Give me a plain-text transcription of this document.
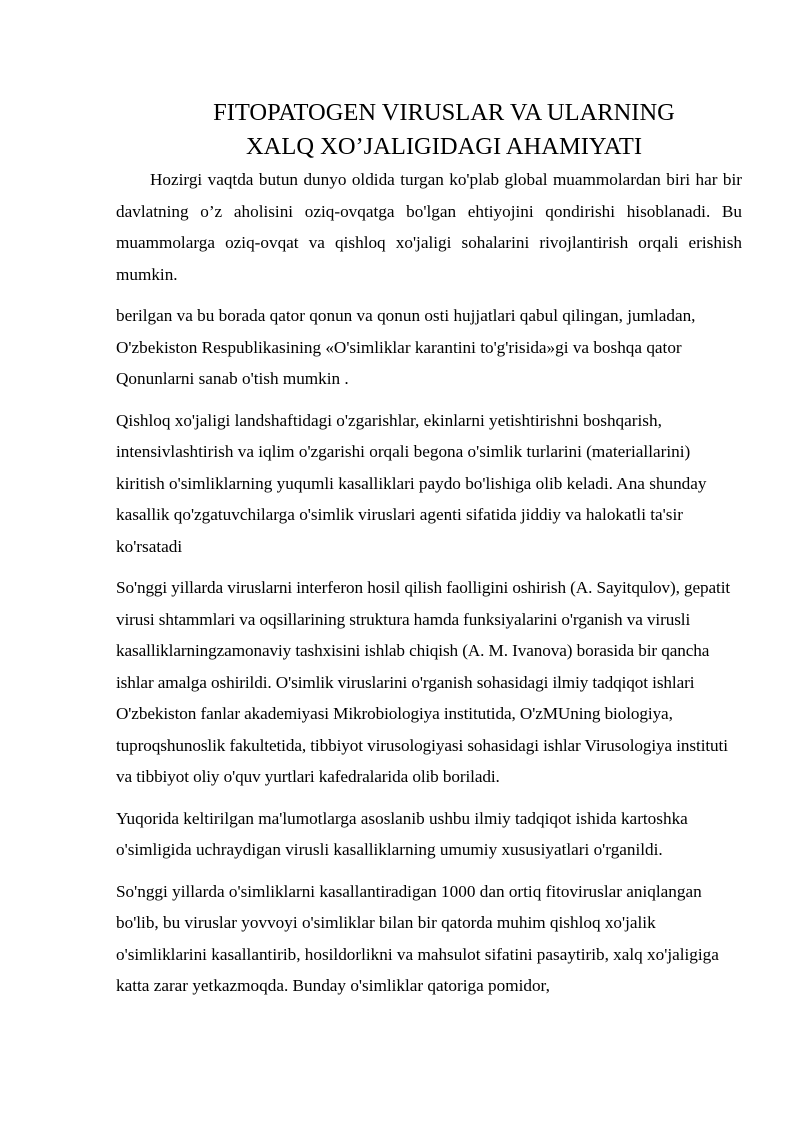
FITOPATOGEN VIRUSLAR VA ULARNING
XALQ XO’JALIGIDAGI AHAMIYATI

Hozirgi vaqtda butun dunyo oldida turgan ko'plab global muammolardan biri har bir davlatning o’z aholisini oziq-ovqatga bo'lgan ehtiyojini qondirishi hisoblanadi. Bu muammolarga oziq-ovqat va qishloq xo'jaligi sohalarini rivojlantirish orqali erishish mumkin.

berilgan va bu borada qator qonun va qonun osti hujjatlari qabul qilingan, jumladan, O'zbekiston Respublikasining «O'simliklar karantini to'g'risida»gi va boshqa qator Qonunlarni sanab o'tish mumkin .

Qishloq xo'jaligi landshaftidagi o'zgarishlar, ekinlarni yetishtirishni boshqarish, intensivlashtirish va iqlim o'zgarishi orqali begona o'simlik turlarini (materiallarini) kiritish o'simliklarning yuqumli kasalliklari paydo bo'lishiga olib keladi. Ana shunday kasallik qo'zgatuvchilarga o'simlik viruslari agenti sifatida jiddiy va halokatli ta'sir ko'rsatadi

So'nggi yillarda viruslarni interferon hosil qilish faolligini oshirish (A. Sayitqulov), gepatit virusi shtammlari va oqsillarining struktura hamda funksiyalarini o'rganish va virusli kasalliklarningzamonaviy tashxisini ishlab chiqish (A. M. Ivanova) borasida bir qancha ishlar amalga oshirildi. O'simlik viruslarini o'rganish sohasidagi ilmiy tadqiqot ishlari O'zbekiston fanlar akademiyasi Mikrobiologiya institutida, O'zMUning biologiya, tuproqshunoslik fakultetida, tibbiyot virusologiyasi sohasidagi ishlar Virusologiya instituti va tibbiyot oliy o'quv yurtlari kafedralarida olib boriladi.

Yuqorida keltirilgan ma'lumotlarga asoslanib ushbu ilmiy tadqiqot ishida kartoshka o'simligida uchraydigan virusli kasalliklarning umumiy xususiyatlari o'rganildi.

So'nggi yillarda o'simliklarni kasallantiradigan 1000 dan ortiq fitoviruslar aniqlangan bo'lib, bu viruslar yovvoyi o'simliklar bilan bir qatorda muhim qishloq xo'jalik o'simliklarini kasallantirib, hosildorlikni va mahsulot sifatini pasaytirib, xalq xo'jaligiga katta zarar yetkazmoqda. Bunday o'simliklar qatoriga pomidor,
